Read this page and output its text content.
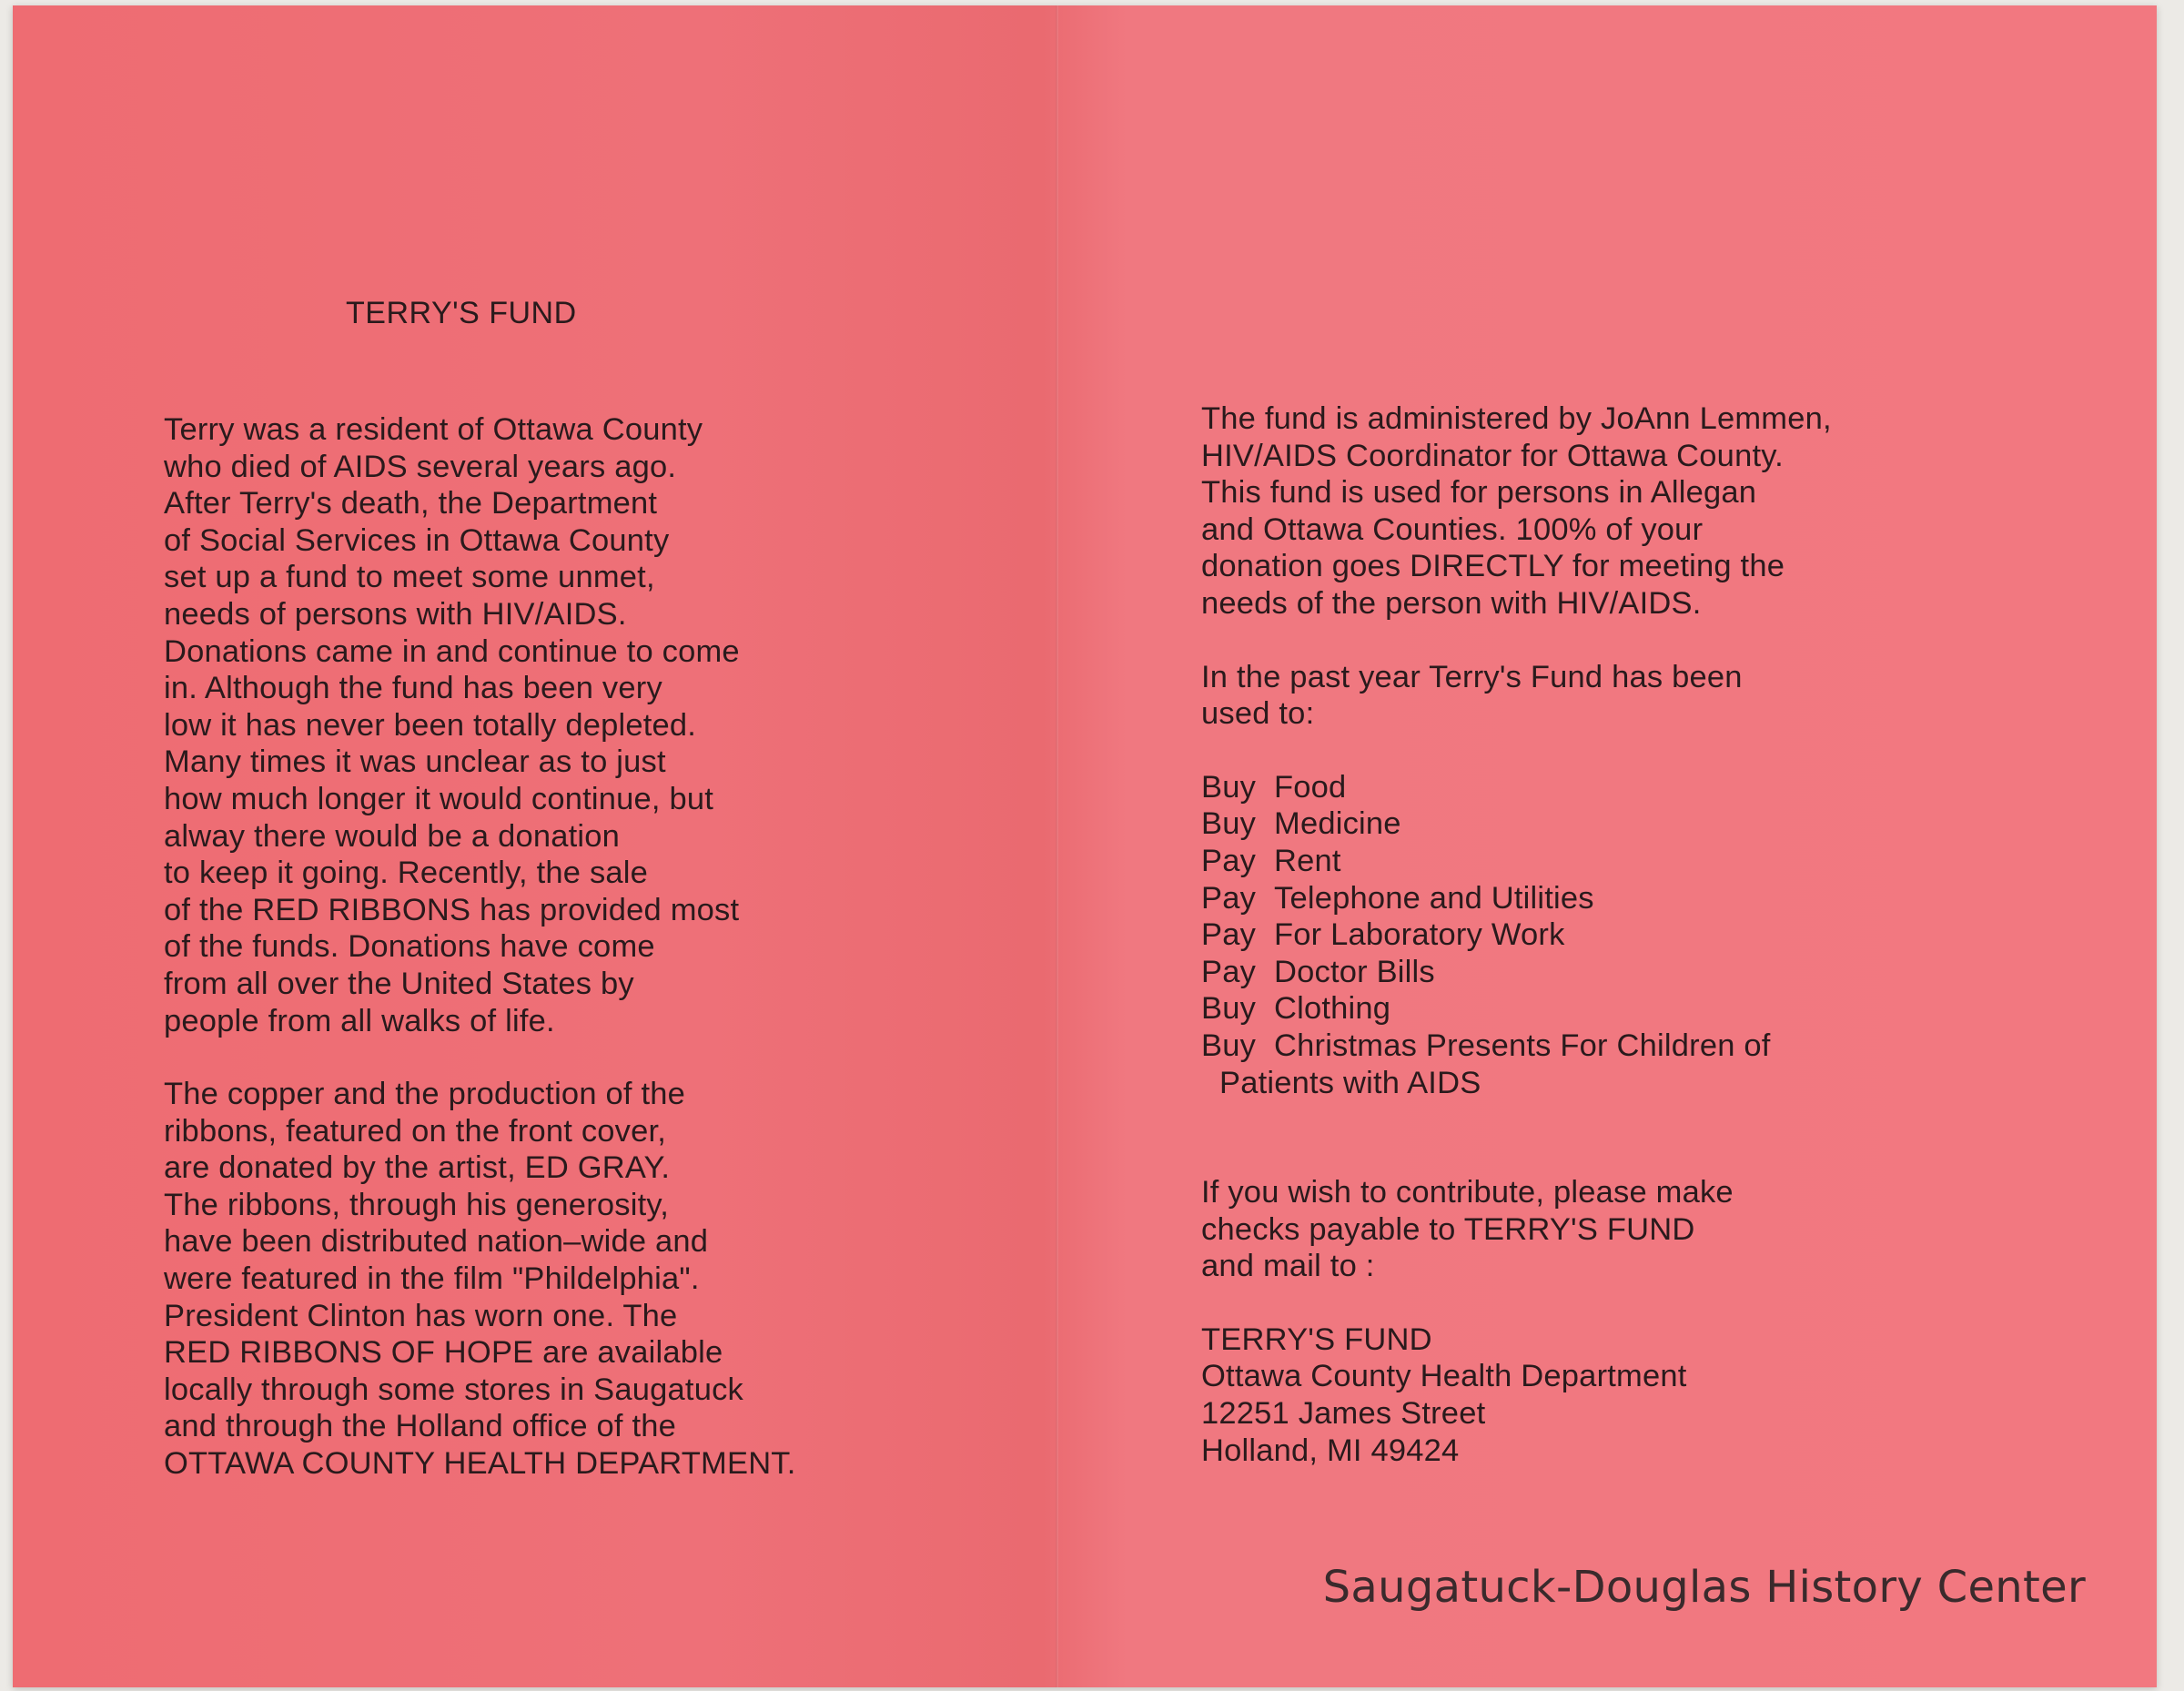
TERRY'S FUND

Terry was a resident of Ottawa County
who died of AIDS several years ago.
After Terry's death, the Department
of Social Services in Ottawa County
set up a fund to meet some unmet,
needs of persons with HIV/AIDS.
Donations came in and continue to come
in. Although the fund has been very
low it has never been totally depleted.
Many times it was unclear as to just
how much longer it would continue, but
alway there would be a donation
to keep it going. Recently, the sale
of the RED RIBBONS has provided most
of the funds. Donations have come
from all over the United States by
people from all walks of life.

The copper and the production of the
ribbons, featured on the front cover,
are donated by the artist, ED GRAY.
The ribbons, through his generosity,
have been distributed nation–wide and
were featured in the film "Phildelphia".
President Clinton has worn one. The
RED RIBBONS OF HOPE are available
locally through some stores in Saugatuck
and through the Holland office of the
OTTAWA COUNTY HEALTH DEPARTMENT.

The fund is administered by JoAnn Lemmen,
HIV/AIDS Coordinator for Ottawa County.
This fund is used for persons in Allegan
and Ottawa Counties. 100% of your
donation goes DIRECTLY for meeting the
needs of the person with HIV/AIDS.
In the past year Terry's Fund has been
used to:
Buy Food
Buy Medicine
Pay Rent
Pay Telephone and Utilities
Pay For Laboratory Work
Pay Doctor Bills
Buy Clothing
Buy Christmas Presents For Children of
Patients with AIDS
If you wish to contribute, please make
checks payable to TERRY'S FUND
and mail to :
TERRY'S FUND
Ottawa County Health Department
12251 James Street
Holland, MI 49424
Saugatuck-Douglas History Center
